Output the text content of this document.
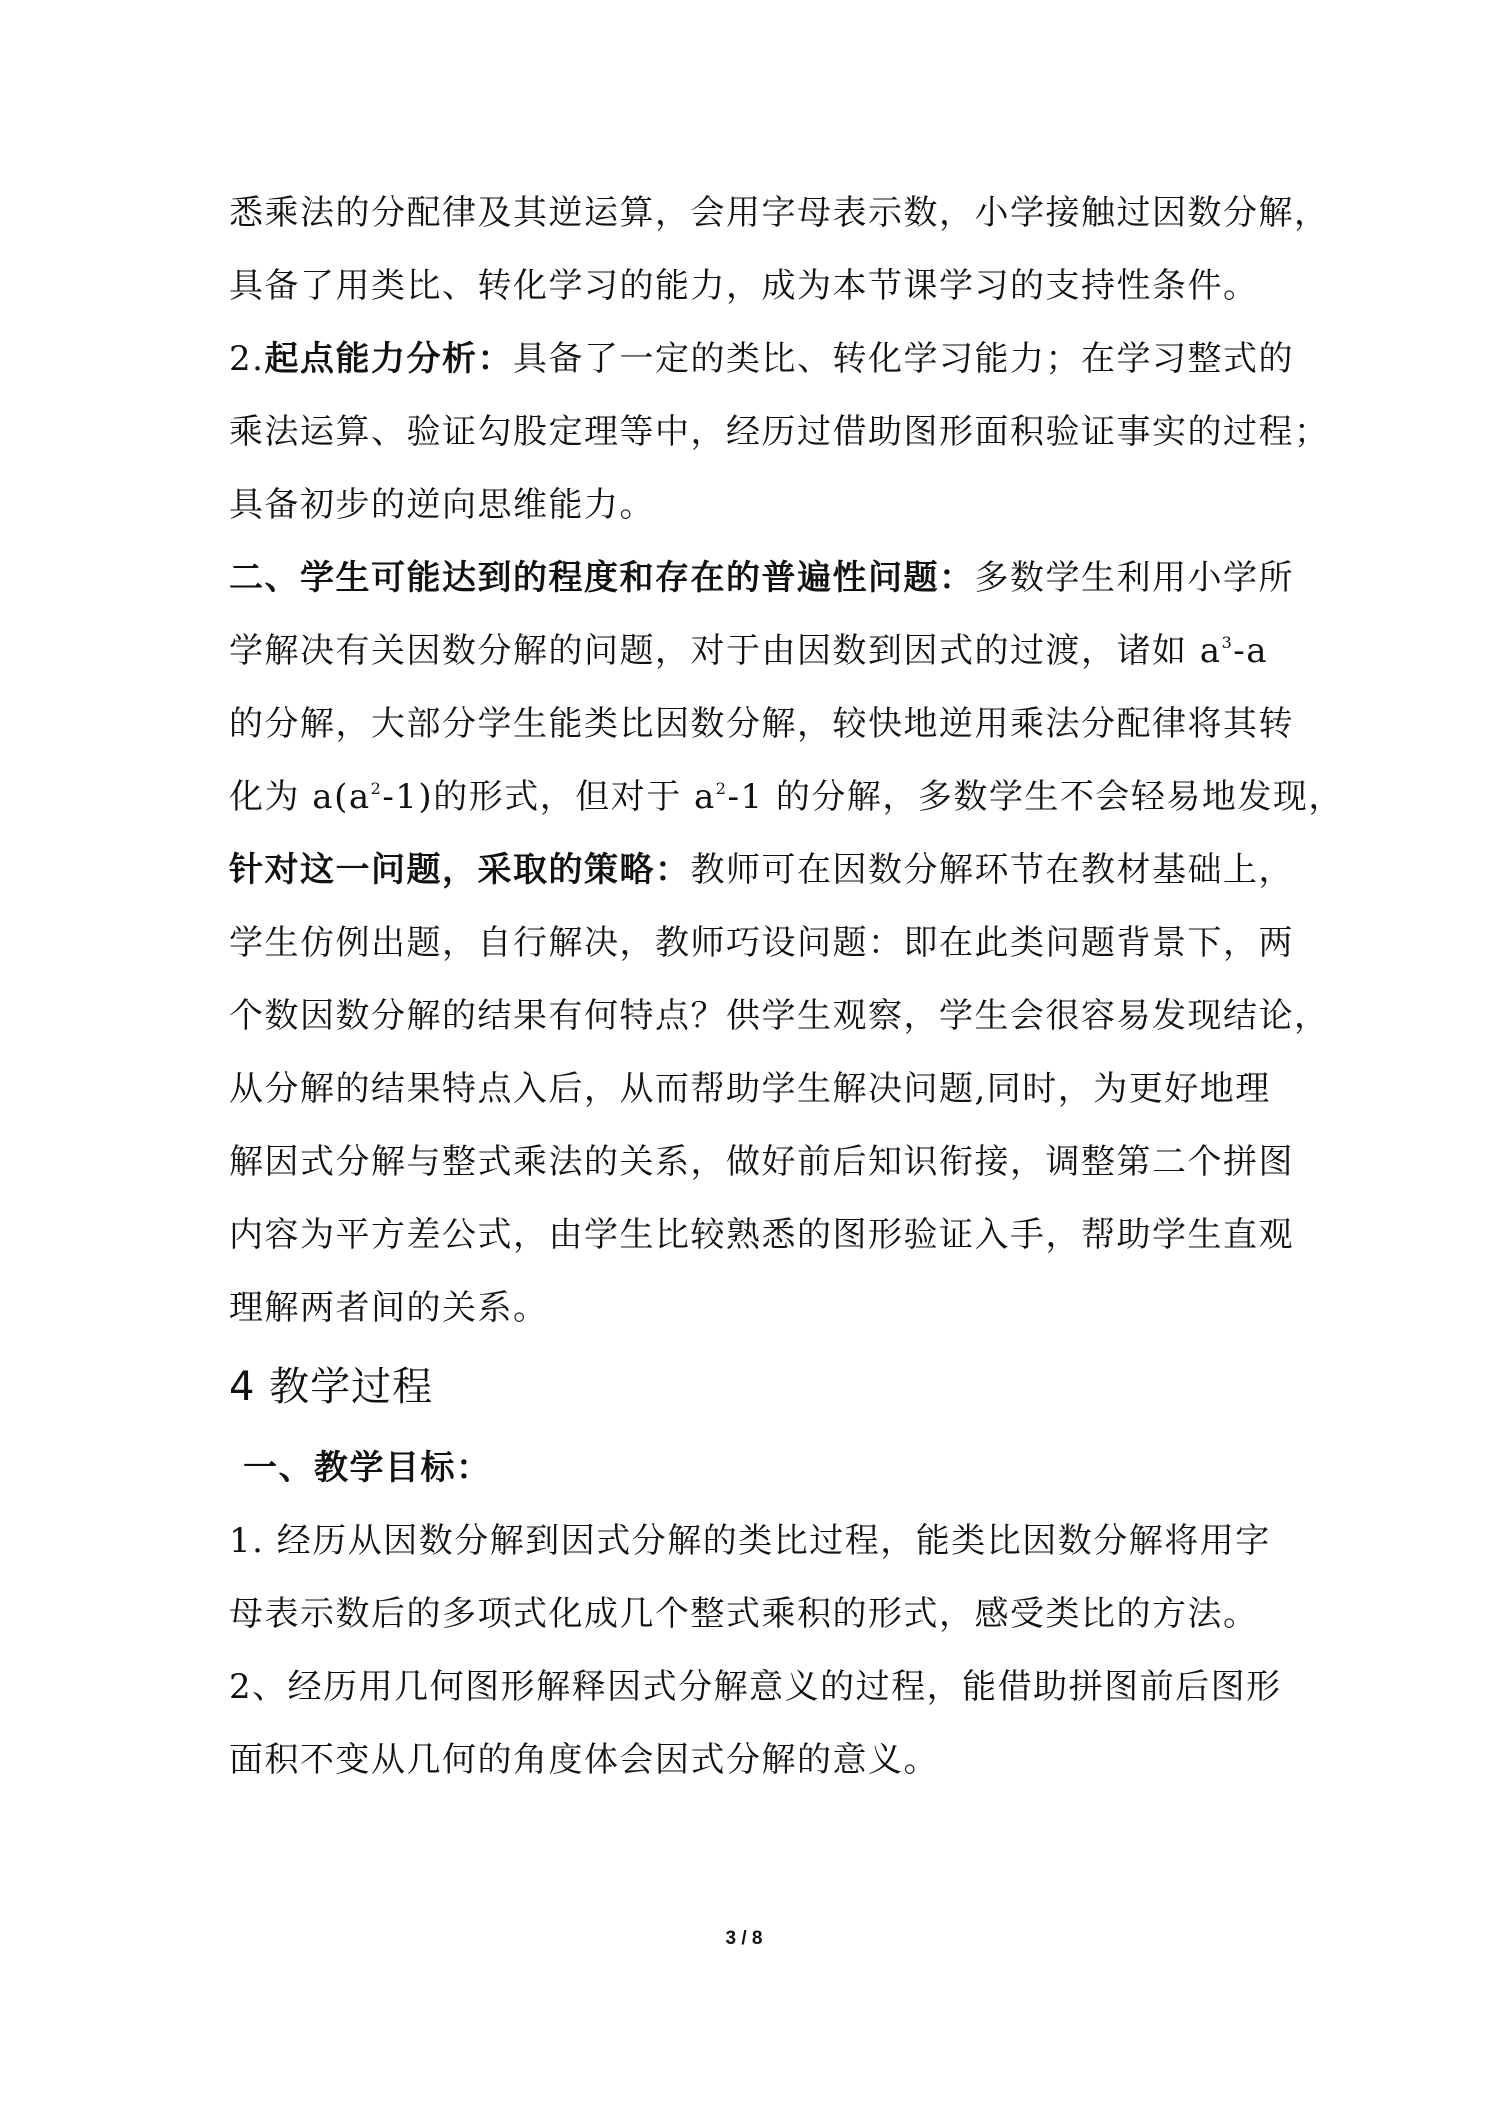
悉乘法的分配律及其逆运算，会用字母表示数，小学接触过因数分解，
具备了用类比、转化学习的能力，成为本节课学习的支持性条件。
2.起点能力分析：具备了一定的类比、转化学习能力；在学习整式的
乘法运算、验证勾股定理等中，经历过借助图形面积验证事实的过程；
具备初步的逆向思维能力。
二、学生可能达到的程度和存在的普遍性问题：多数学生利用小学所
学解决有关因数分解的问题，对于由因数到因式的过渡，诸如 $a^3-a$
的分解，大部分学生能类比因数分解，较快地逆用乘法分配律将其转
化为 $a(a^2-1)$的形式，但对于 $a^2-1$ 的分解，多数学生不会轻易地发现，
针对这一问题，采取的策略：教师可在因数分解环节在教材基础上，
学生仿例出题，自行解决，教师巧设问题：即在此类问题背景下，两
个数因数分解的结果有何特点？供学生观察，学生会很容易发现结论，
从分解的结果特点入后，从而帮助学生解决问题,同时，为更好地理
解因式分解与整式乘法的关系，做好前后知识衔接，调整第二个拼图
内容为平方差公式，由学生比较熟悉的图形验证入手，帮助学生直观
理解两者间的关系。
4 教学过程
一、教学目标：
1. 经历从因数分解到因式分解的类比过程，能类比因数分解将用字
母表示数后的多项式化成几个整式乘积的形式，感受类比的方法。
2、经历用几何图形解释因式分解意义的过程，能借助拼图前后图形
面积不变从几何的角度体会因式分解的意义。
3 / 8
